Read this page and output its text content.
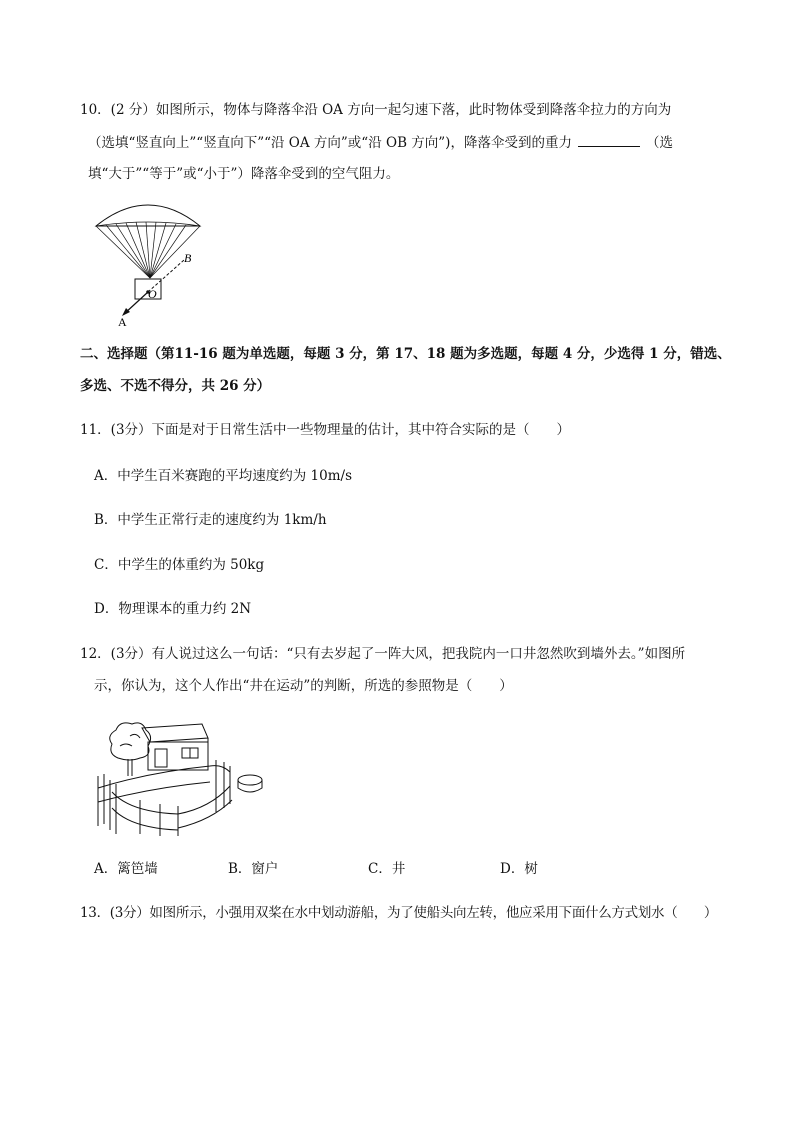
10．(2 分）如图所示，物体与降落伞沿 OA 方向一起匀速下落，此时物体受到降落伞拉力的方向为
（选填“竖直向上”“竖直向下”“沿 OA 方向”或“沿 OB 方向”)，降落伞受到的重力	（选
填“大于”“等于”或“小于”）降落伞受到的空气阻力。
B
O
A
二、选择题（第11-16 题为单选题，每题 3 分，第 17、18 题为多选题，每题 4 分，少选得 1 分，错选、
多选、不选不得分，共 26 分）
11．(3分）下面是对于日常生活中一些物理量的估计，其中符合实际的是（　　）
A．中学生百米赛跑的平均速度约为 10m/s
B．中学生正常行走的速度约为 1km/h
C．中学生的体重约为 50kg
D．物理课本的重力约 2N
12．(3分）有人说过这么一句话：“只有去岁起了一阵大风，把我院内一口井忽然吹到墙外去。”如图所
示，你认为，这个人作出“井在运动”的判断，所选的参照物是（　　）
A．篱笆墙	B．窗户	C．井	D．树
13．(3分）如图所示，小强用双桨在水中划动游船，为了使船头向左转，他应采用下面什么方式划水（　　）
